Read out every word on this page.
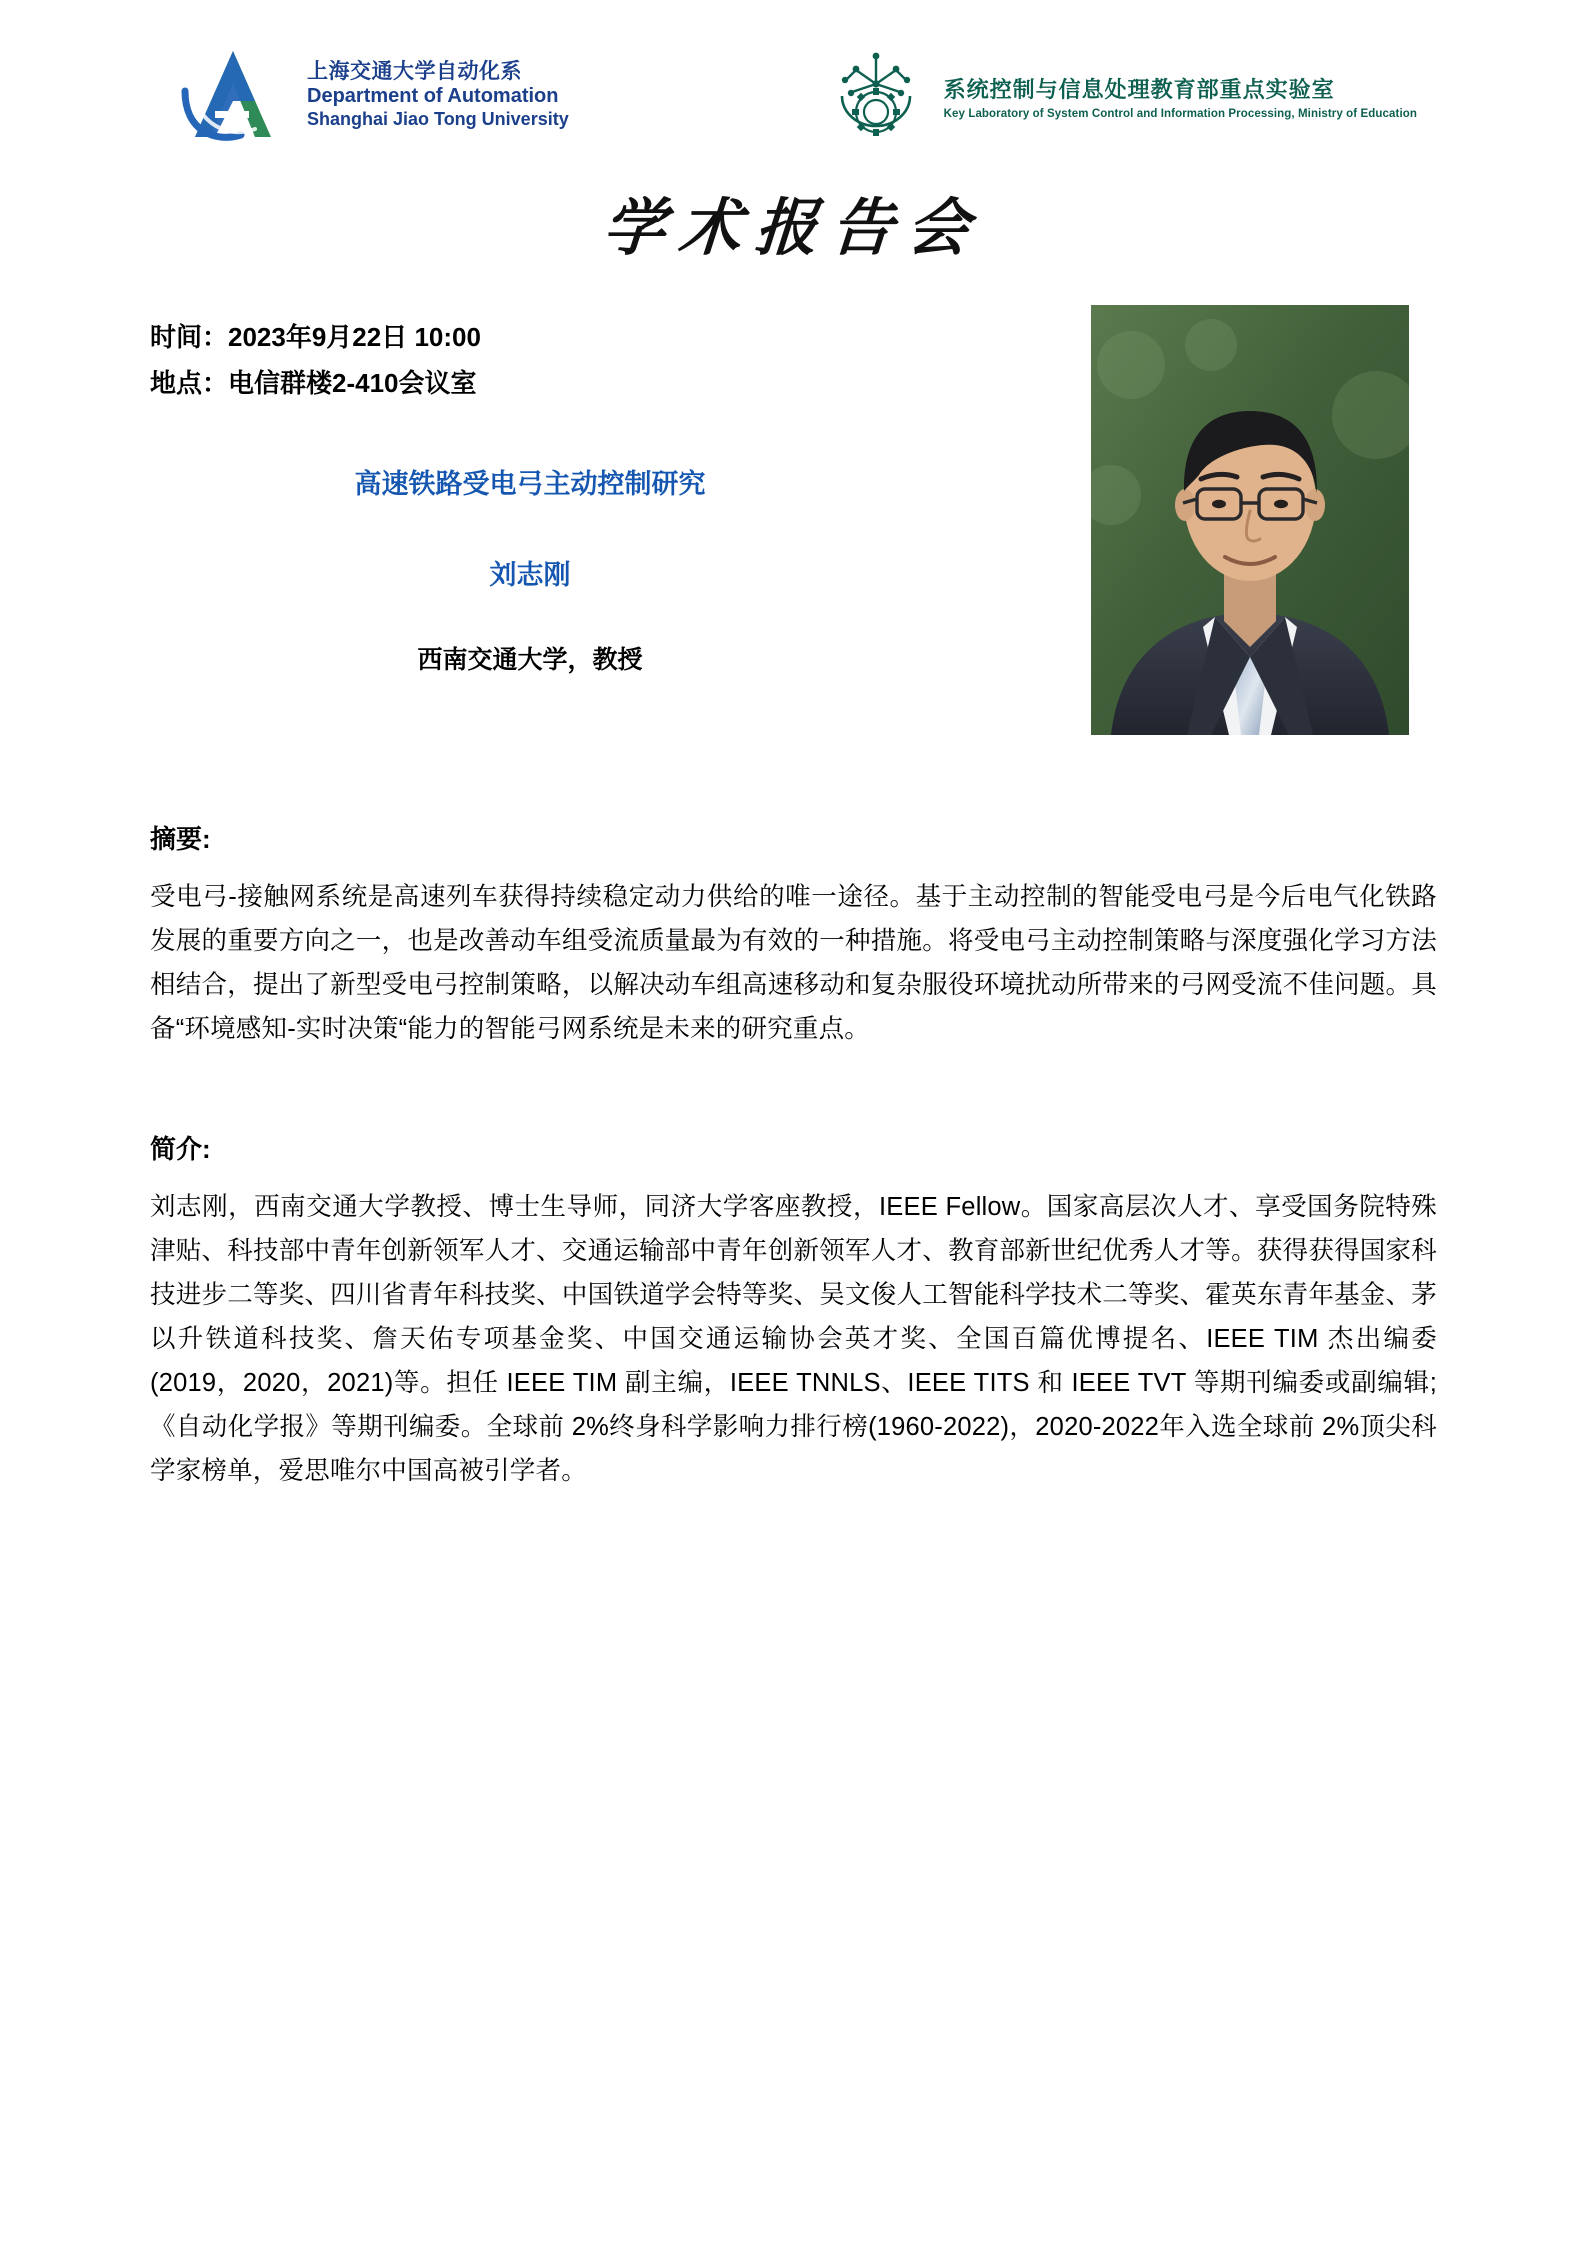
上海交通大学自动化系
Department of Automation
Shanghai Jiao Tong University
系统控制与信息处理教育部重点实验室
Key Laboratory of System Control and Information Processing, Ministry of Education
学术报告会
时间：2023年9月22日 10:00
地点：电信群楼2-410会议室
高速铁路受电弓主动控制研究
刘志刚
西南交通大学，教授
摘要:
受电弓-接触网系统是高速列车获得持续稳定动力供给的唯一途径。基于主动控制的智能受电弓是今后电气化铁路发展的重要方向之一，也是改善动车组受流质量最为有效的一种措施。将受电弓主动控制策略与深度强化学习方法相结合，提出了新型受电弓控制策略，以解决动车组高速移动和复杂服役环境扰动所带来的弓网受流不佳问题。具备“环境感知-实时决策“能力的智能弓网系统是未来的研究重点。
简介:
刘志刚，西南交通大学教授、博士生导师，同济大学客座教授，IEEE Fellow。国家高层次人才、享受国务院特殊津贴、科技部中青年创新领军人才、交通运输部中青年创新领军人才、教育部新世纪优秀人才等。获得获得国家科技进步二等奖、四川省青年科技奖、中国铁道学会特等奖、吴文俊人工智能科学技术二等奖、霍英东青年基金、茅以升铁道科技奖、詹天佑专项基金奖、中国交通运输协会英才奖、全国百篇优博提名、IEEE TIM 杰出编委(2019，2020，2021)等。担任 IEEE TIM 副主编，IEEE TNNLS、IEEE TITS 和 IEEE TVT 等期刊编委或副编辑;《自动化学报》等期刊编委。全球前 2%终身科学影响力排行榜(1960-2022)，2020-2022年入选全球前 2%顶尖科学家榜单，爱思唯尔中国高被引学者。
